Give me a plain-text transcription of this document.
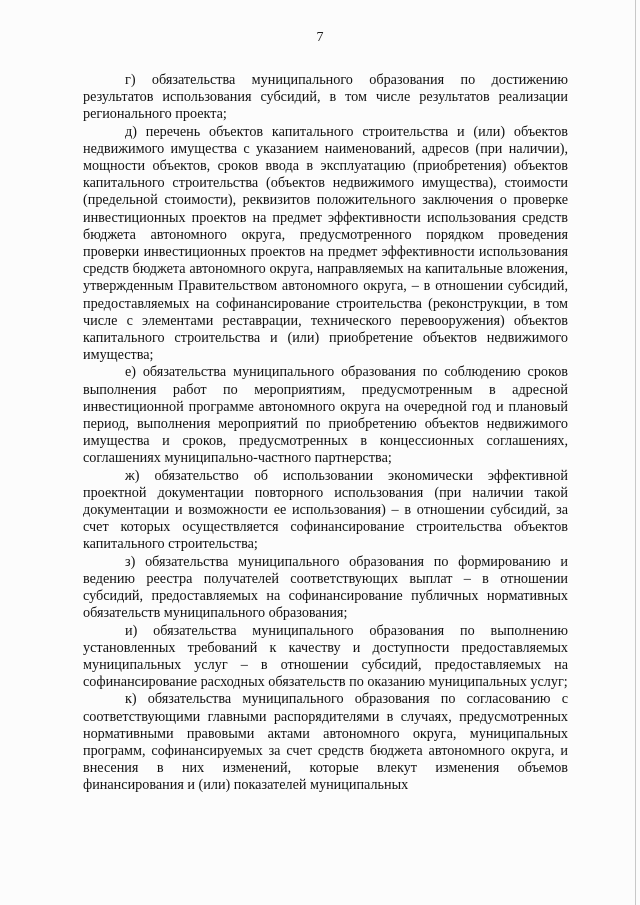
7

г) обязательства муниципального образования по достижению результатов использования субсидий, в том числе результатов реализации регионального проекта;

д) перечень объектов капитального строительства и (или) объектов недвижимого имущества с указанием наименований, адресов (при наличии), мощности объектов, сроков ввода в эксплуатацию (приобретения) объектов капитального строительства (объектов недвижимого имущества), стоимости (предельной стоимости), реквизитов положительного заключения о проверке инвестиционных проектов на предмет эффективности использования средств бюджета автономного округа, предусмотренного порядком проведения проверки инвестиционных проектов на предмет эффективности использования средств бюджета автономного округа, направляемых на капитальные вложения, утвержденным Правительством автономного округа, – в отношении субсидий, предоставляемых на софинансирование строительства (реконструкции, в том числе с элементами реставрации, технического перевооружения) объектов капитального строительства и (или) приобретение объектов недвижимого имущества;

е) обязательства муниципального образования по соблюдению сроков выполнения работ по мероприятиям, предусмотренным в адресной инвестиционной программе автономного округа на очередной год и плановый период, выполнения мероприятий по приобретению объектов недвижимого имущества и сроков, предусмотренных в концессионных соглашениях, соглашениях муниципально-частного партнерства;

ж) обязательство об использовании экономически эффективной проектной документации повторного использования (при наличии такой документации и возможности ее использования) – в отношении субсидий, за счет которых осуществляется софинансирование строительства объектов капитального строительства;

з) обязательства муниципального образования по формированию и ведению реестра получателей соответствующих выплат – в отношении субсидий, предоставляемых на софинансирование публичных нормативных обязательств муниципального образования;

и) обязательства муниципального образования по выполнению установленных требований к качеству и доступности предоставляемых муниципальных услуг – в отношении субсидий, предоставляемых на софинансирование расходных обязательств по оказанию муниципальных услуг;

к) обязательства муниципального образования по согласованию с соответствующими главными распорядителями в случаях, предусмотренных нормативными правовыми актами автономного округа, муниципальных программ, софинансируемых за счет средств бюджета автономного округа, и внесения в них изменений, которые влекут изменения объемов финансирования и (или) показателей муниципальных
